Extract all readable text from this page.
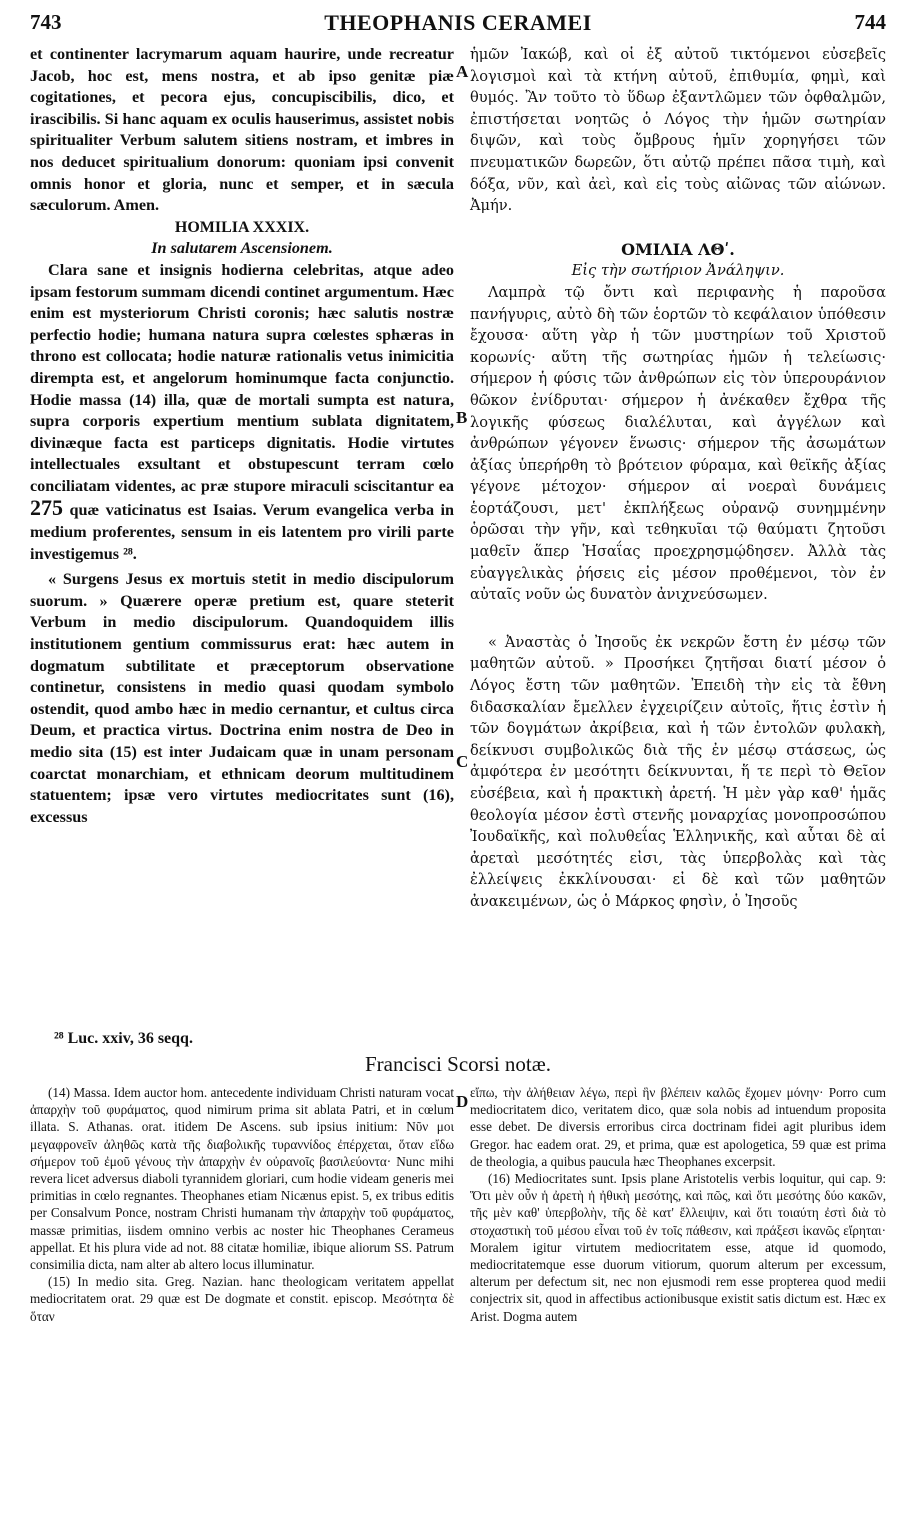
743	THEOPHANIS CERAMEI	744

et continenter lacrymarum aquam haurire, unde recreatur Jacob, hoc est, mens nostra, et ab ipso genitæ piæ cogitationes, et pecora ejus, concupiscibilis, dico, et irascibilis. Si hanc aquam ex oculis hauserimus, assistet nobis spiritualiter Verbum salutem sitiens nostram, et imbres in nos deducet spiritualium donorum: quoniam ipsi convenit omnis honor et gloria, nunc et semper, et in sæcula sæculorum. Amen.

HOMILIA XXXIX.

In salutarem Ascensionem.

Clara sane et insignis hodierna celebritas, atque adeo ipsam festorum summam dicendi continet argumentum. Hæc enim est mysteriorum Christi coronis; hæc salutis nostræ perfectio hodie; humana natura supra cœlestes sphæras in throno est collocata; hodie naturæ rationalis vetus inimicitia dirempta est, et angelorum hominumque facta conjunctio. Hodie massa (14) illa, quæ de mortali sumpta est natura, supra corporis expertium mentium sublata dignitatem, divinæque facta est particeps dignitatis. Hodie virtutes intellectuales exsultant et obstupescunt terram cœlo conciliatam videntes, ac præ stupore miraculi sciscitantur ea 275 quæ vaticinatus est Isaias. Verum evangelica verba in medium proferentes, sensum in eis latentem pro virili parte investigemus ²⁸.

« Surgens Jesus ex mortuis stetit in medio discipulorum suorum. » Quærere operæ pretium est, quare steterit Verbum in medio discipulorum. Quandoquidem illis institutionem gentium commissurus erat: hæc autem in dogmatum subtilitate et præceptorum observatione continetur, consistens in medio quasi quodam symbolo ostendit, quod ambo hæc in medio cernantur, et cultus circa Deum, et practica virtus. Doctrina enim nostra de Deo in medio sita (15) est inter Judaicam quæ in unam personam coarctat monarchiam, et ethnicam deorum multitudinem statuentem; ipsæ vero virtutes mediocritates sunt (16), excessus

A
B
C
D

ἡμῶν Ἰακώβ, καὶ οἱ ἐξ αὐτοῦ τικτόμενοι εὐσεβεῖς λογισμοὶ καὶ τὰ κτήνη αὐτοῦ, ἐπιθυμία, φημὶ, καὶ θυμός. Ἂν τοῦτο τὸ ὕδωρ ἐξαντλῶμεν τῶν ὀφθαλμῶν, ἐπιστήσεται νοητῶς ὁ Λόγος τὴν ἡμῶν σωτηρίαν διψῶν, καὶ τοὺς ὄμβρους ἡμῖν χορηγήσει τῶν πνευματικῶν δωρεῶν, ὅτι αὐτῷ πρέπει πᾶσα τιμὴ, καὶ δόξα, νῦν, καὶ ἀεὶ, καὶ εἰς τοὺς αἰῶνας τῶν αἰώνων. Ἀμήν.

ΟΜΙΛΙΑ ΛΘʹ.

Εἰς τὴν σωτήριον Ἀνάληψιν.

Λαμπρὰ τῷ ὄντι καὶ περιφανὴς ἡ παροῦσα πανήγυρις, αὐτὸ δὴ τῶν ἑορτῶν τὸ κεφάλαιον ὑπόθεσιν ἔχουσα· αὕτη γὰρ ἡ τῶν μυστηρίων τοῦ Χριστοῦ κορωνίς· αὕτη τῆς σωτηρίας ἡμῶν ἡ τελείωσις· σήμερον ἡ φύσις τῶν ἀνθρώπων εἰς τὸν ὑπερουράνιον θῶκον ἐνίδρυται· σήμερον ἡ ἀνέκαθεν ἔχθρα τῆς λογικῆς φύσεως διαλέλυται, καὶ ἀγγέλων καὶ ἀνθρώπων γέγονεν ἕνωσις· σήμερον τῆς ἀσωμάτων ἀξίας ὑπερήρθη τὸ βρότειον φύραμα, καὶ θεϊκῆς ἀξίας γέγονε μέτοχον· σήμερον αἱ νοεραὶ δυνάμεις ἑορτάζουσι, μετ' ἐκπλήξεως οὐρανῷ συνημμένην ὁρῶσαι τὴν γῆν, καὶ τεθηκυῖαι τῷ θαύματι ζητοῦσι μαθεῖν ἅπερ Ἡσαΐας προεχρησμῴδησεν. Ἀλλὰ τὰς εὐαγγελικὰς ῥήσεις εἰς μέσον προθέμενοι, τὸν ἐν αὐταῖς νοῦν ὡς δυνατὸν ἀνιχνεύσωμεν.

« Ἀναστὰς ὁ Ἰησοῦς ἐκ νεκρῶν ἔστη ἐν μέσῳ τῶν μαθητῶν αὐτοῦ. » Προσήκει ζητῆσαι διατί μέσον ὁ Λόγος ἔστη τῶν μαθητῶν. Ἐπειδὴ τὴν εἰς τὰ ἔθνη διδασκαλίαν ἔμελλεν ἐγχειρίζειν αὐτοῖς, ἥτις ἐστὶν ἡ τῶν δογμάτων ἀκρίβεια, καὶ ἡ τῶν ἐντολῶν φυλακὴ, δείκνυσι συμβολικῶς διὰ τῆς ἐν μέσῳ στάσεως, ὡς ἀμφότερα ἐν μεσότητι δείκνυνται, ἥ τε περὶ τὸ Θεῖον εὐσέβεια, καὶ ἡ πρακτικὴ ἀρετή. Ἡ μὲν γὰρ καθ' ἡμᾶς θεολογία μέσον ἐστὶ στενῆς μοναρχίας μονοπροσώπου Ἰουδαϊκῆς, καὶ πολυθεΐας Ἑλληνικῆς, καὶ αὗται δὲ αἱ ἀρεταὶ μεσότητές εἰσι, τὰς ὑπερβολὰς καὶ τὰς ἐλλείψεις ἐκκλίνουσαι· εἰ δὲ καὶ τῶν μαθητῶν ἀνακειμένων, ὡς ὁ Μάρκος φησὶν, ὁ Ἰησοῦς

²⁸ Luc. xxiv, 36 seqq.
Francisci Scorsi notæ.

(14) Massa. Idem auctor hom. antecedente individuam Christi naturam vocat ἀπαρχὴν τοῦ φυράματος, quod nimirum prima sit ablata Patri, et in cœlum illata. S. Athanas. orat. itidem De Ascens. sub ipsius initium: Νῦν μοι μεγαφρονεῖν ἀληθῶς κατὰ τῆς διαβολικῆς τυραννίδος ἐπέρχεται, ὅταν εἴδω σήμερον τοῦ ἐμοῦ γένους τὴν ἀπαρχὴν ἐν οὐρανοῖς βασιλεύοντα· Nunc mihi revera licet adversus diaboli tyrannidem gloriari, cum hodie videam generis mei primitias in cœlo regnantes. Theophanes etiam Nicænus epist. 5, ex tribus editis per Consalvum Ponce, nostram Christi humanam τὴν ἀπαρχὴν τοῦ φυράματος, massæ primitias, iisdem omnino verbis ac noster hic Theophanes Cerameus appellat. Et his plura vide ad not. 88 citatæ homiliæ, ibique aliorum SS. Patrum consimilia dicta, nam alter ab altero locus illuminatur.

(15) In medio sita. Greg. Nazian. hanc theologicam veritatem appellat mediocritatem orat. 29 quæ est De dogmate et constit. episcop. Μεσότητα δὲ ὅταν

εἴπω, τὴν ἀλήθειαν λέγω, περὶ ἣν βλέπειν καλῶς ἔχομεν μόνην· Porro cum mediocritatem dico, veritatem dico, quæ sola nobis ad intuendum proposita esse debet. De diversis erroribus circa doctrinam fidei agit pluribus idem Gregor. hac eadem orat. 29, et prima, quæ est apologetica, 59 quæ est prima de theologia, a quibus paucula hæc Theophanes excerpsit.

(16) Mediocritates sunt. Ipsis plane Aristotelis verbis loquitur, qui cap. 9: Ὅτι μὲν οὖν ἡ ἀρετὴ ἡ ἠθικὴ μεσότης, καὶ πῶς, καὶ ὅτι μεσότης δύο κακῶν, τῆς μὲν καθ' ὑπερβολὴν, τῆς δὲ κατ' ἔλλειψιν, καὶ ὅτι τοιαύτη ἐστὶ διὰ τὸ στοχαστικὴ τοῦ μέσου εἶναι τοῦ ἐν τοῖς πάθεσιν, καὶ πράξεσι ἱκανῶς εἴρηται· Moralem igitur virtutem mediocritatem esse, atque id quomodo, mediocritatemque esse duorum vitiorum, quorum alterum per excessum, alterum per defectum sit, nec non ejusmodi rem esse propterea quod medii conjectrix sit, quod in affectibus actionibusque existit satis dictum est. Hæc ex Arist. Dogma autem
